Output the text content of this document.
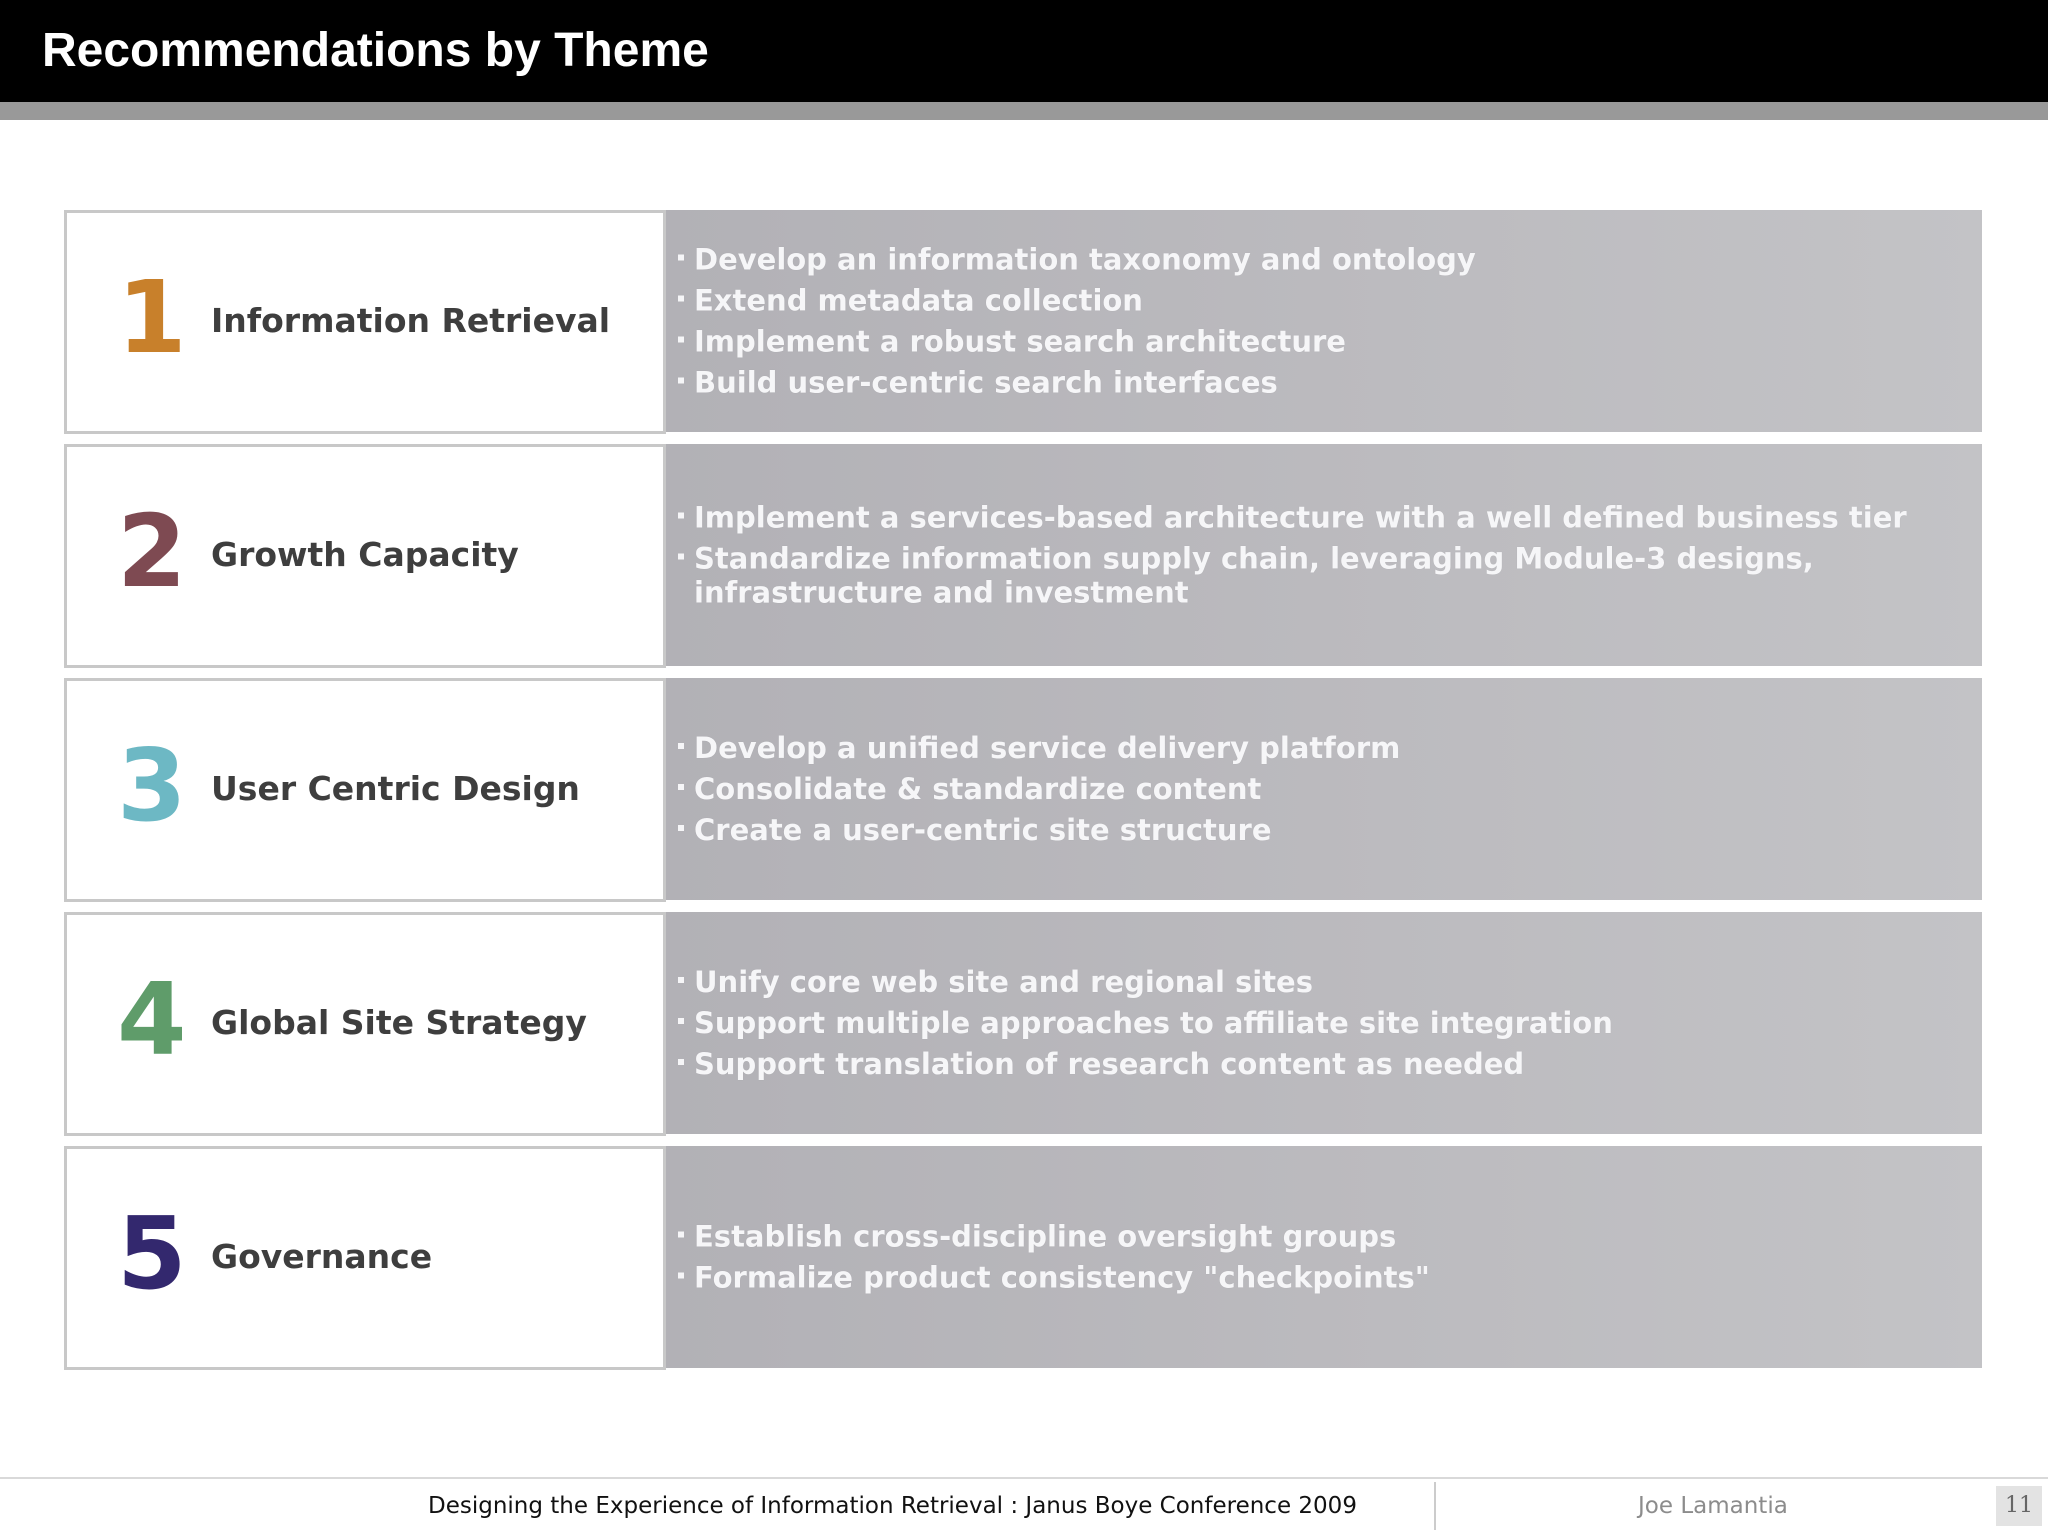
Recommendations by Theme
1 Information Retrieval
Develop an information taxonomy and ontology
Extend metadata collection
Implement a robust search architecture
Build user-centric search interfaces
2 Growth Capacity
Implement a services-based architecture with a well defined business tier
Standardize information supply chain, leveraging Module-3 designs, infrastructure and investment
3 User Centric Design
Develop a unified service delivery platform
Consolidate & standardize content
Create a user-centric site structure
4 Global Site Strategy
Unify core web site and regional sites
Support multiple approaches to affiliate site integration
Support translation of research content as needed
5 Governance
Establish cross-discipline oversight groups
Formalize product consistency "checkpoints"
Designing the Experience of Information Retrieval : Janus Boye Conference 2009	Joe Lamantia	11
